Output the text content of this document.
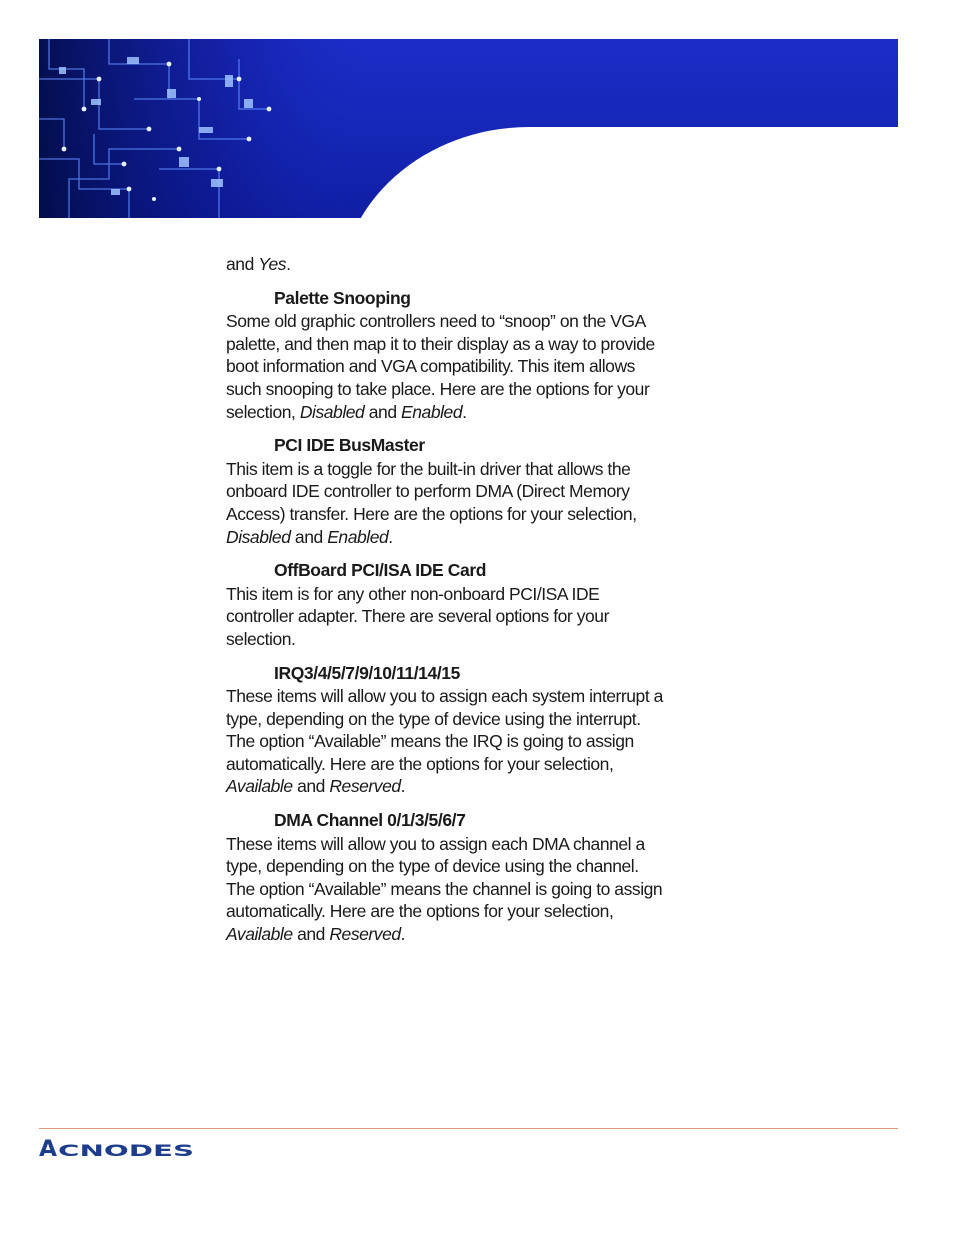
and Yes.

Palette Snooping

Some old graphic controllers need to “snoop” on the VGA

palette, and then map it to their display as a way to provide

boot information and VGA compatibility. This item allows

such snooping to take place. Here are the options for your

selection, Disabled and Enabled.

PCI IDE BusMaster

This item is a toggle for the built-in driver that allows the

onboard IDE controller to perform DMA (Direct Memory

Access) transfer. Here are the options for your selection,

Disabled and Enabled.

OffBoard PCI/ISA IDE Card

This item is for any other non-onboard PCI/ISA IDE

controller adapter. There are several options for your

selection.

IRQ3/4/5/7/9/10/11/14/15

These items will allow you to assign each system interrupt a

type, depending on the type of device using the interrupt.

The option “Available” means the IRQ is going to assign

automatically. Here are the options for your selection,

Available and Reserved.

DMA Channel 0/1/3/5/6/7

These items will allow you to assign each DMA channel a

type, depending on the type of device using the channel.

The option “Available” means the channel is going to assign

automatically. Here are the options for your selection,

Available and Reserved.

A CNODES
